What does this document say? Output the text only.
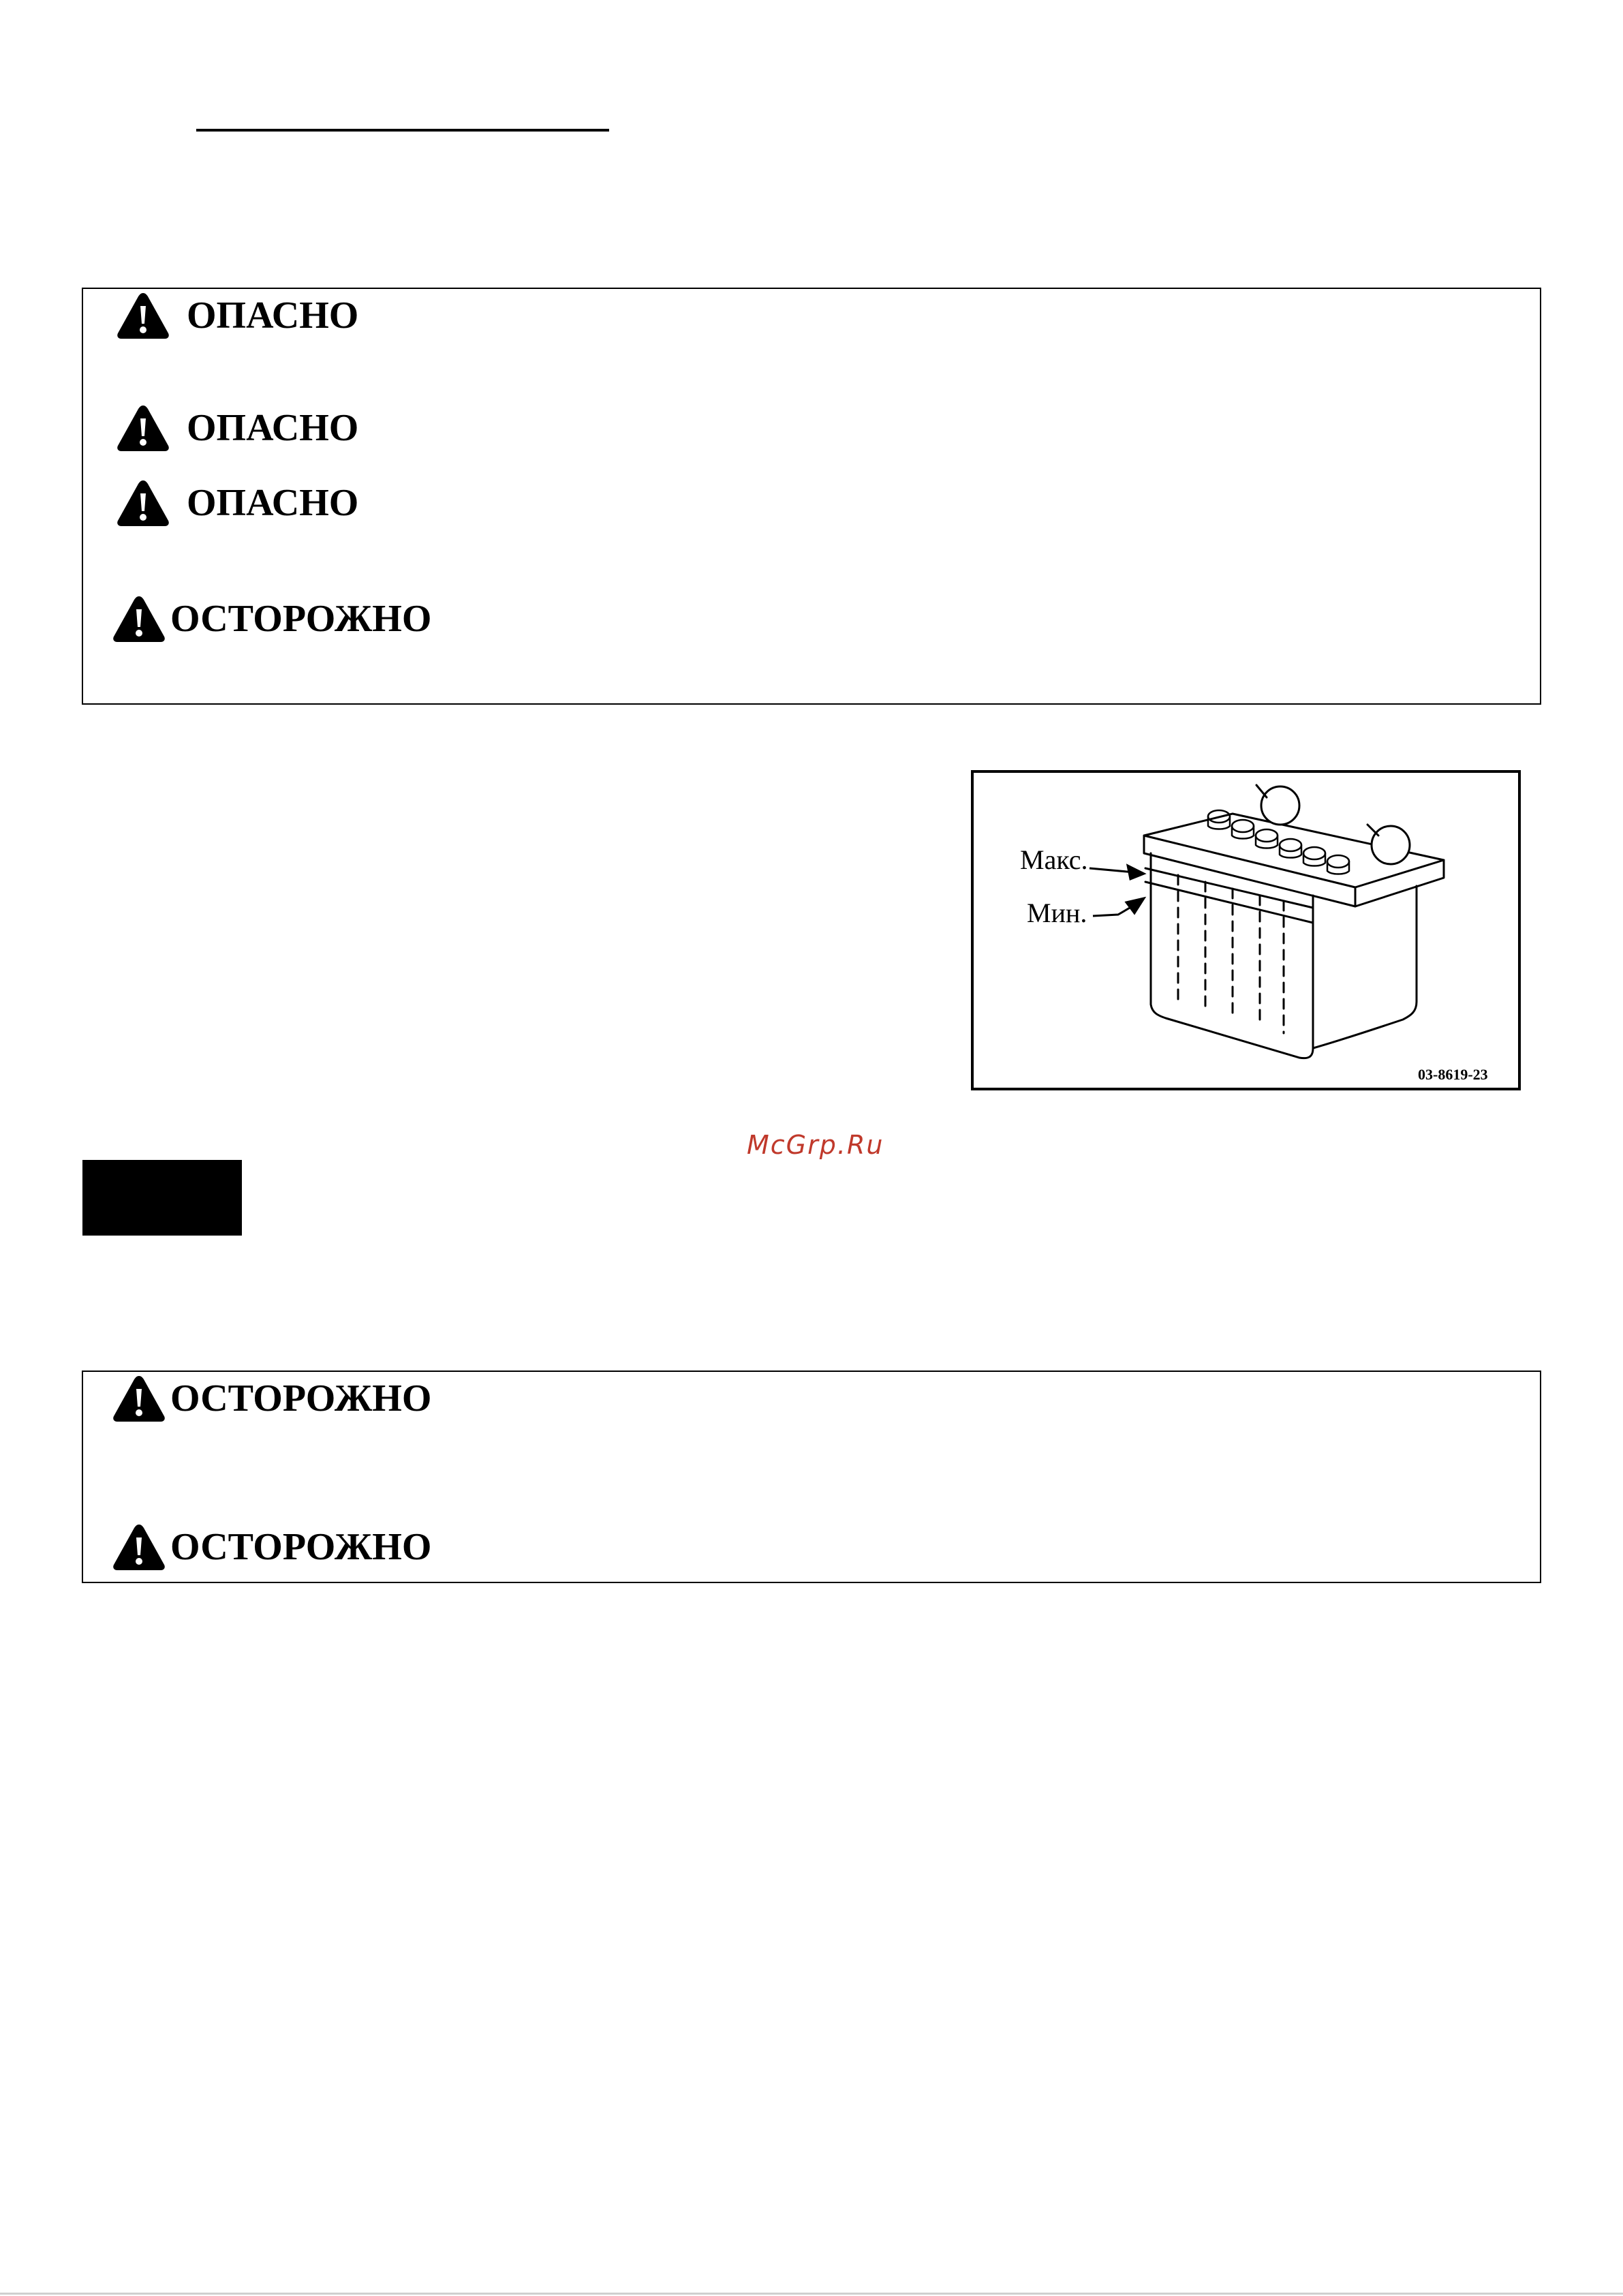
ОПАСНО
ОПАСНО
ОПАСНО
ОСТОРОЖНО
Макс.
Мин.
03-8619-23
McGrp.Ru
ОСТОРОЖНО
ОСТОРОЖНО
